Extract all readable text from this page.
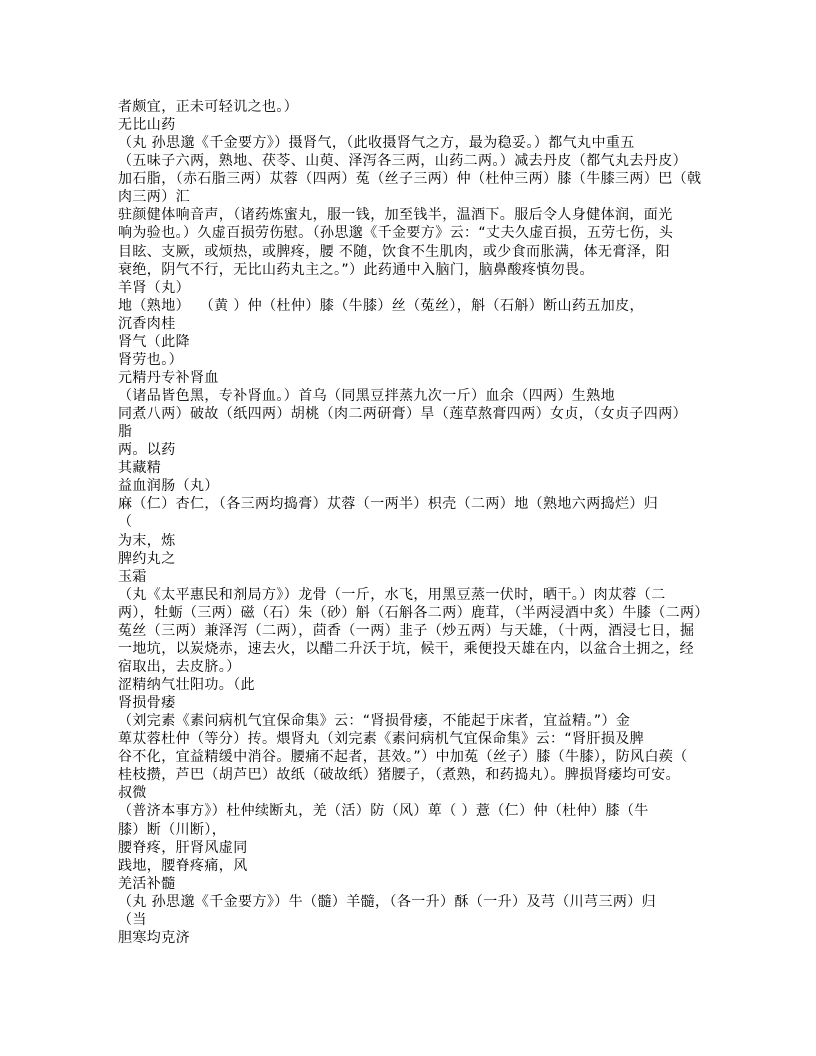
者颇宜，正未可轻讥之也。）
无比山药
（丸 孙思邈《千金要方》）摄肾气，（此收摄肾气之方，最为稳妥。）都气丸中重五
（五味子六两，熟地、茯苓、山萸、泽泻各三两，山药二两。）减去丹皮（都气丸去丹皮）
加石脂，（赤石脂三两）苁蓉（四两）菟（丝子三两）仲（杜仲三两）膝（牛膝三两）巴（戟
肉三两）汇
驻颜健体响音声，（诸药炼蜜丸，服一钱，加至钱半，温酒下。服后令人身健体润，面光
响为验也。）久虚百损劳伤慰。（孙思邈《千金要方》云：“丈夫久虚百损，五劳七伤，头
目眩、支厥，或烦热，或脾疼，腰 不随，饮食不生肌肉，或少食而胀满，体无膏泽，阳
衰绝，阴气不行，无比山药丸主之。”）此药通中入脑门，脑鼻酸疼慎勿畏。
羊肾（丸）
地（熟地）  （黄 ）仲（杜仲）膝（牛膝）丝（菟丝），斛（石斛）断山药五加皮，
沉香肉桂
肾气（此降
肾劳也。）
元精丹专补肾血
（诸品皆色黑，专补肾血。）首乌（同黑豆拌蒸九次一斤）血余（四两）生熟地
同煮八两）破故（纸四两）胡桃（肉二两研膏）旱（莲草熬膏四两）女贞，（女贞子四两）
脂
两。以药
其藏精
益血润肠（丸）
麻（仁）杏仁，（各三两均捣膏）苁蓉（一两半）枳壳（二两）地（熟地六两捣烂）归
（
为末，炼
脾约丸之
玉霜
（丸《太平惠民和剂局方》）龙骨（一斤，水飞，用黑豆蒸一伏时，晒干。）肉苁蓉（二
两），牡蛎（三两）磁（石）朱（砂）斛（石斛各二两）鹿茸，（半两浸酒中炙）牛膝（二两）
菟丝（三两）兼泽泻（二两），茴香（一两）韭子（炒五两）与天雄，（十两，酒浸七日，掘
一地坑，以炭烧赤，速去火，以醋二升沃于坑，候干，乘便投天雄在内，以盆合土拥之，经
宿取出，去皮脐。）
涩精纳气壮阳功。（此
肾损骨痿
（刘完素《素问病机气宜保命集》云：“肾损骨痿，不能起于床者，宜益精。”）金
萆苁蓉杜仲（等分）抟。煨肾丸（刘完素《素问病机气宜保命集》云：“肾肝损及脾
谷不化，宜益精缓中消谷。腰痛不起者，甚效。”）中加菟（丝子）膝（牛膝），防风白蒺（
桂枝攒，芦巴（胡芦巴）故纸（破故纸）猪腰子，（煮熟，和药捣丸）。脾损肾痿均可安。
叔微
（普济本事方》）杜仲续断丸，羌（活）防（风）萆（ ）薏（仁）仲（杜仲）膝（牛
膝）断（川断），
腰脊疼，肝肾风虚同
践地，腰脊疼痛，风
羌活补髓
（丸 孙思邈《千金要方》）牛（髓）羊髓，（各一升）酥（一升）及芎（川芎三两）归
（当
胆寒均克济
